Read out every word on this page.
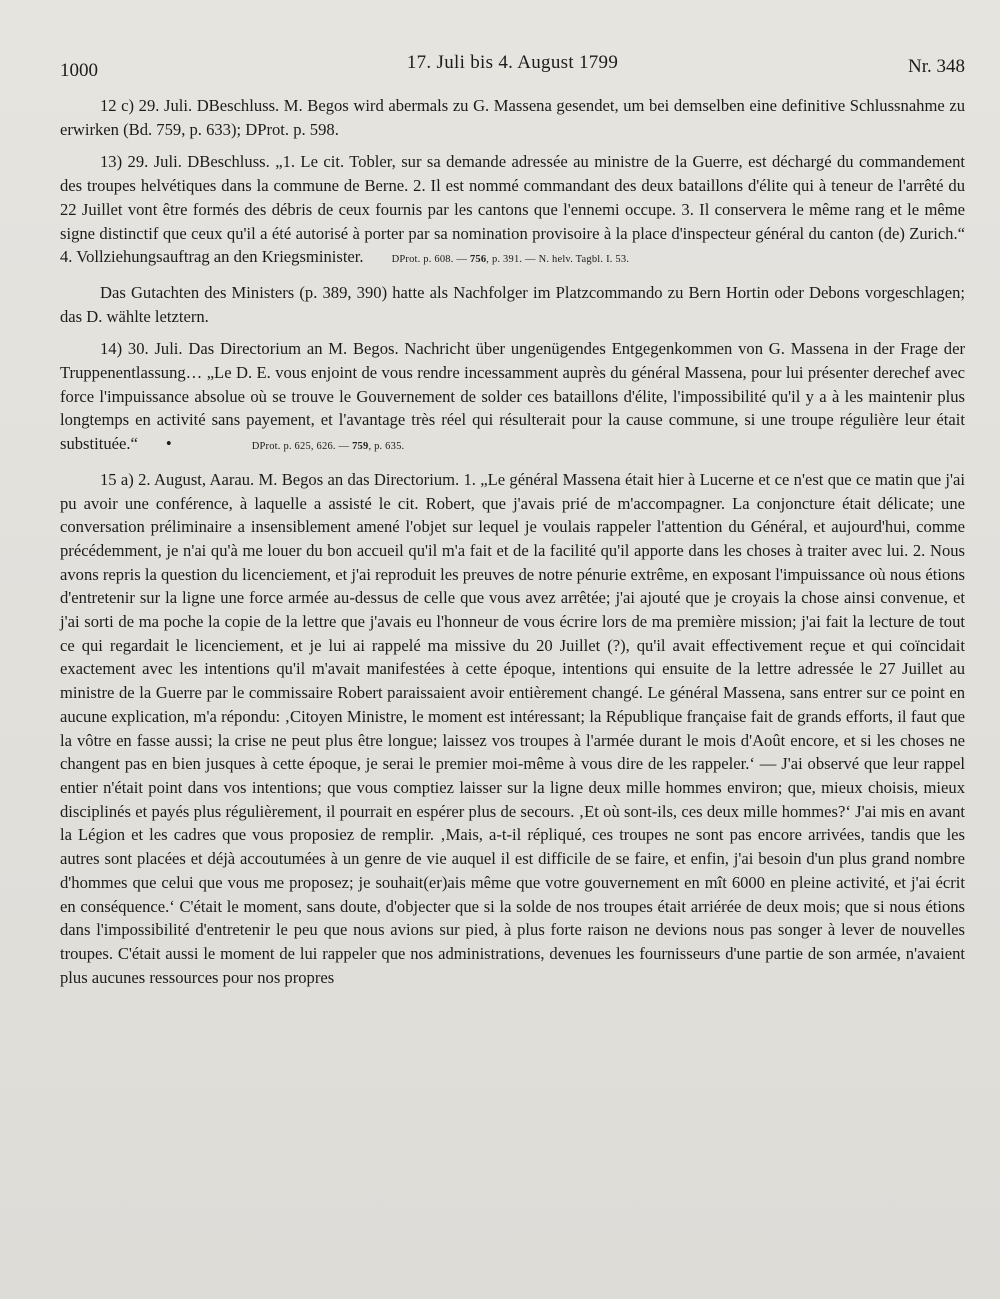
1000	17. Juli bis 4. August 1799	Nr. 348

12 c) 29. Juli. DBeschluss. M. Begos wird abermals zu G. Massena gesendet, um bei demselben eine definitive Schlussnahme zu erwirken (Bd. 759, p. 633); DProt. p. 598.

13) 29. Juli. DBeschluss. „1. Le cit. Tobler, sur sa demande adressée au ministre de la Guerre, est déchargé du commandement des troupes helvétiques dans la commune de Berne. 2. Il est nommé commandant des deux bataillons d'élite qui à teneur de l'arrêté du 22 Juillet vont être formés des débris de ceux fournis par les cantons que l'ennemi occupe. 3. Il conservera le même rang et le même signe distinctif que ceux qu'il a été autorisé à porter par sa nomination provisoire à la place d'inspecteur général du canton (de) Zurich.“ 4. Vollziehungsauftrag an den Kriegsminister.	DProt. p. 608. — 756, p. 391. — N. helv. Tagbl. I. 53.

Das Gutachten des Ministers (p. 389, 390) hatte als Nachfolger im Platzcommando zu Bern Hortin oder Debons vorgeschlagen; das D. wählte letztern.

14) 30. Juli. Das Directorium an M. Begos. Nachricht über ungenügendes Entgegenkommen von G. Massena in der Frage der Truppenentlassung… „Le D. E. vous enjoint de vous rendre incessamment auprès du général Massena, pour lui présenter derechef avec force l'impuissance absolue où se trouve le Gouvernement de solder ces bataillons d'élite, l'impossibilité qu'il y a à les maintenir plus longtemps en activité sans payement, et l'avantage très réel qui résulterait pour la cause commune, si une troupe régulière leur était substituée.“ •	DProt. p. 625, 626. — 759, p. 635.

15 a) 2. August, Aarau. M. Begos an das Directorium. 1. „Le général Massena était hier à Lucerne et ce n'est que ce matin que j'ai pu avoir une conférence, à laquelle a assisté le cit. Robert, que j'avais prié de m'accompagner. La conjoncture était délicate; une conversation préliminaire a insensiblement amené l'objet sur lequel je voulais rappeler l'attention du Général, et aujourd'hui, comme précédemment, je n'ai qu'à me louer du bon accueil qu'il m'a fait et de la facilité qu'il apporte dans les choses à traiter avec lui. 2. Nous avons repris la question du licenciement, et j'ai reproduit les preuves de notre pénurie extrême, en exposant l'impuissance où nous étions d'entretenir sur la ligne une force armée au-dessus de celle que vous avez arrêtée; j'ai ajouté que je croyais la chose ainsi convenue, et j'ai sorti de ma poche la copie de la lettre que j'avais eu l'honneur de vous écrire lors de ma première mission; j'ai fait la lecture de tout ce qui regardait le licenciement, et je lui ai rappelé ma missive du 20 Juillet (?), qu'il avait effectivement reçue et qui coïncidait exactement avec les intentions qu'il m'avait manifestées à cette époque, intentions qui ensuite de la lettre adressée le 27 Juillet au ministre de la Guerre par le commissaire Robert paraissaient avoir entièrement changé. Le général Massena, sans entrer sur ce point en aucune explication, m'a répondu: ‚Citoyen Ministre, le moment est intéressant; la République française fait de grands efforts, il faut que la vôtre en fasse aussi; la crise ne peut plus être longue; laissez vos troupes à l'armée durant le mois d'Août encore, et si les choses ne changent pas en bien jusques à cette époque, je serai le premier moi-même à vous dire de les rappeler.‘ — J'ai observé que leur rappel entier n'était point dans vos intentions; que vous comptiez laisser sur la ligne deux mille hommes environ; que, mieux choisis, mieux disciplinés et payés plus régulièrement, il pourrait en espérer plus de secours. ‚Et où sont-ils, ces deux mille hommes?‘ J'ai mis en avant la Légion et les cadres que vous proposiez de remplir. ‚Mais, a-t-il répliqué, ces troupes ne sont pas encore arrivées, tandis que les autres sont placées et déjà accoutumées à un genre de vie auquel il est difficile de se faire, et enfin, j'ai besoin d'un plus grand nombre d'hommes que celui que vous me proposez; je souhait(er)ais même que votre gouvernement en mît 6000 en pleine activité, et j'ai écrit en conséquence.‘ C'était le moment, sans doute, d'objecter que si la solde de nos troupes était arriérée de deux mois; que si nous étions dans l'impossibilité d'entretenir le peu que nous avions sur pied, à plus forte raison ne devions nous pas songer à lever de nouvelles troupes. C'était aussi le moment de lui rappeler que nos administrations, devenues les fournisseurs d'une partie de son armée, n'avaient plus aucunes ressources pour nos propres
